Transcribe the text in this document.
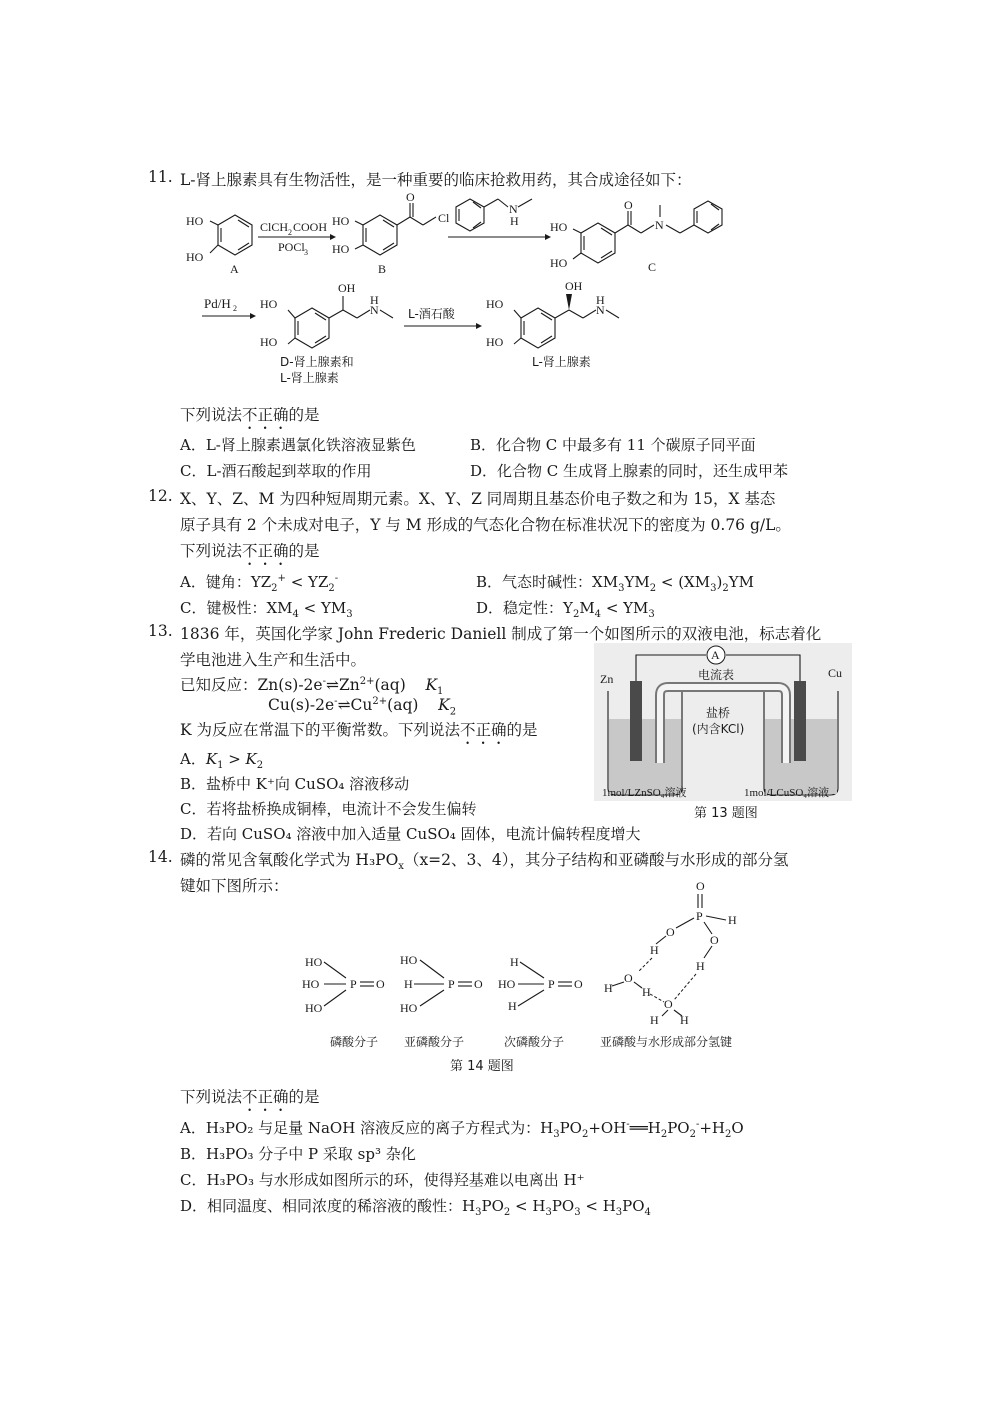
11. L-肾上腺素具有生物活性，是一种重要的临床抢救用药，其合成途径如下：
HO
HO
A
ClCH 2 COOH
POCl 3
HO
HO
O
Cl
B
N
H	HO
HO
O
N
C
Pd/H 2 HO
HO
OH
H
N
D-肾上腺素和
L-肾上腺素
L-酒石酸
HO
HO
OH
H
N
L-肾上腺素
下列说法不正确的是
A．L-肾上腺素遇氯化铁溶液显紫色	B．化合物 C 中最多有 11 个碳原子同平面
C．L-酒石酸起到萃取的作用	D．化合物 C 生成肾上腺素的同时，还生成甲苯
12. X、Y、Z、M 为四种短周期元素。X、Y、Z 同周期且基态价电子数之和为 15，X 基态
原子具有 2 个未成对电子，Y 与 M 形成的气态化合物在标准状况下的密度为 0.76 g/L。
下列说法不正确的是
A．键角：$YZ_2^+ < YZ_2^-$	B．气态时碱性：$XM_3YM_2 < (XM_3)_2YM$
C．键极性：$XM_4 < YM_3$	D．稳定性：$Y_2M_4 < YM_3$
13. 1836 年，英国化学家 John Frederic Daniell 制成了第一个如图所示的双液电池，标志着化
学电池进入生产和生活中。
已知反应：$Zn(s)-2e^-\rightleftharpoons Zn^{2+}(aq)$    $K_1$
$Cu(s)-2e^-\rightleftharpoons Cu^{2+}(aq)$    $K_2$
K 为反应在常温下的平衡常数。下列说法不正确的是
A．$K_1 > K_2$
B．盐桥中 K⁺向 CuSO₄ 溶液移动
C．若将盐桥换成铜棒，电流计不会发生偏转
D．若向 CuSO₄ 溶液中加入适量 CuSO₄ 固体，电流计偏转程度增大
A
电流表
Zn	Cu
盐桥
(内含KCl)
1mol/LZnSO₄溶液	1mol/LCuSO₄溶液
第 13 题图
14. 磷的常见含氧酸化学式为 $H_3PO_x(x=2$、3、4），其分子结构和亚磷酸与水形成的部分氢
键如下图所示：
HO
HO
HO
P O
磷酸分子
HO
H
HO
P O
亚磷酸分子
H
HO
H
P O
次磷酸分子
O
P H
O
O
H
H
O
H H
O
H H
亚磷酸与水形成部分氢键
第 14 题图
下列说法不正确的是
A．H₃PO₂ 与足量 NaOH 溶液反应的离子方程式为：$H_3PO_2+OH^-══H_2PO_2^-+H_2O$
B．H₃PO₃ 分子中 P 采取 sp³ 杂化
C．H₃PO₃ 与水形成如图所示的环，使得羟基难以电离出 H⁺
D．相同温度、相同浓度的稀溶液的酸性：$H_3PO_2 < H_3PO_3 < H_3PO_4$
